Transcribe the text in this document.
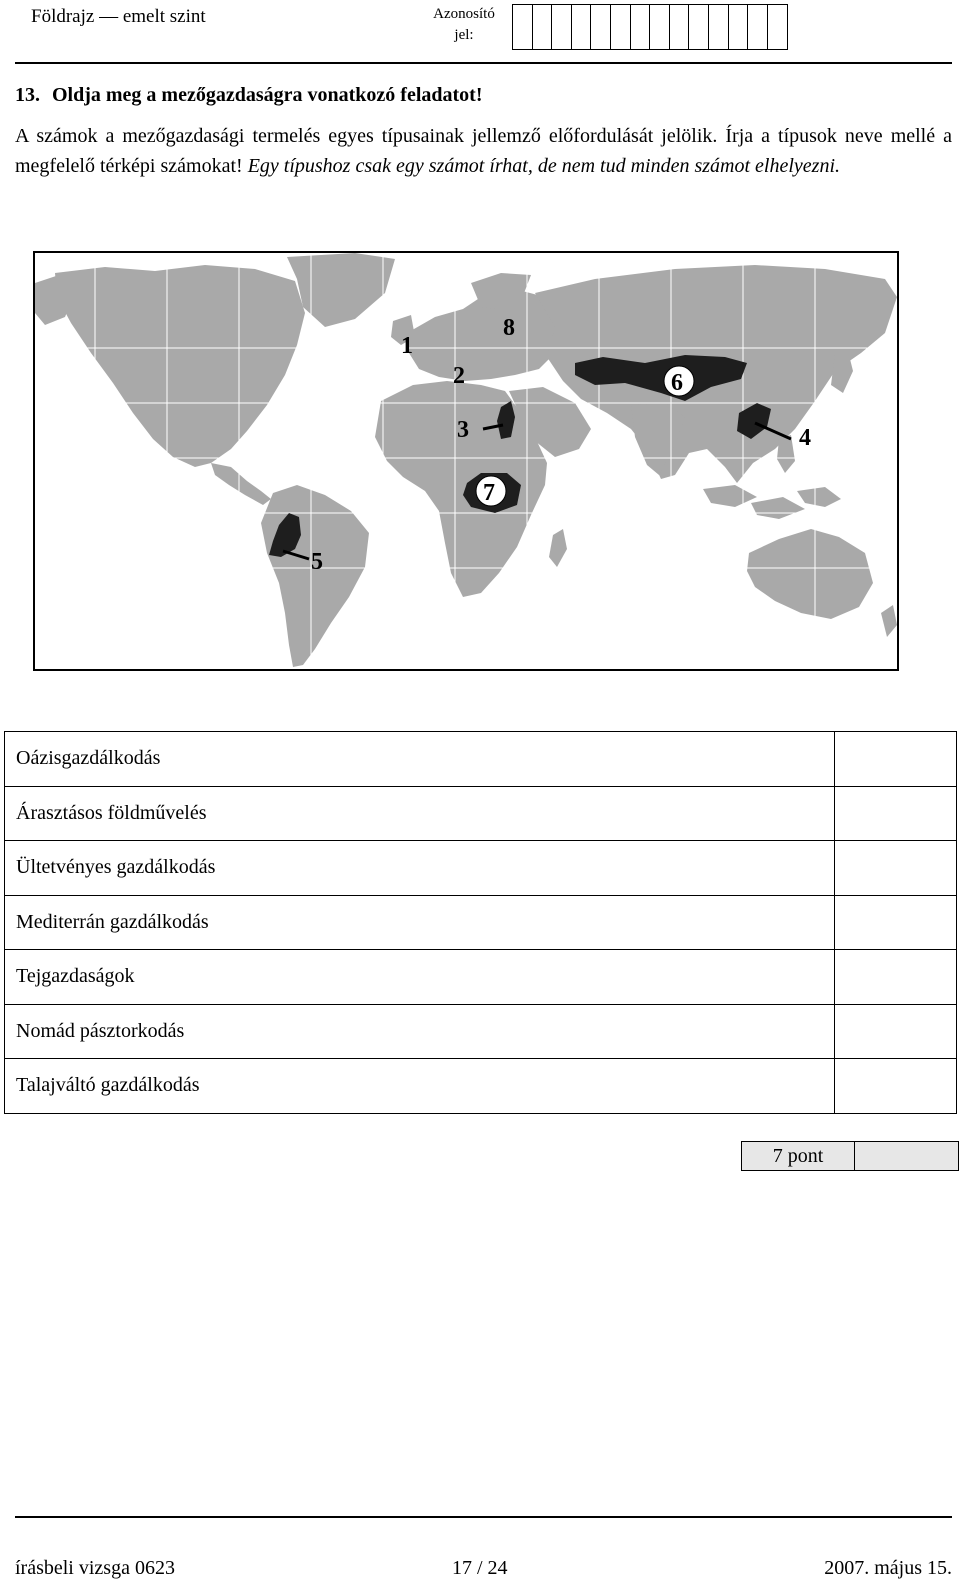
Földrajz — emelt szint	Azonosító
jel:
13. Oldja meg a mezőgazdaságra vonatkozó feladatot!
A számok a mezőgazdasági termelés egyes típusainak jellemző előfordulását jelölik. Írja a típusok neve mellé a megfelelő térképi számokat! Egy típushoz csak egy számot írhat, de nem tud minden számot elhelyezni.
1
2
3	4
5
6
7
8
Oázisgazdálkodás	
Árasztásos földművelés	
Ültetvényes gazdálkodás	
Mediterrán gazdálkodás	
Tejgazdaságok	
Nomád pásztorkodás	
Talajváltó gazdálkodás	
7 pont
írásbeli vizsga 0623	17 / 24	2007. május 15.
